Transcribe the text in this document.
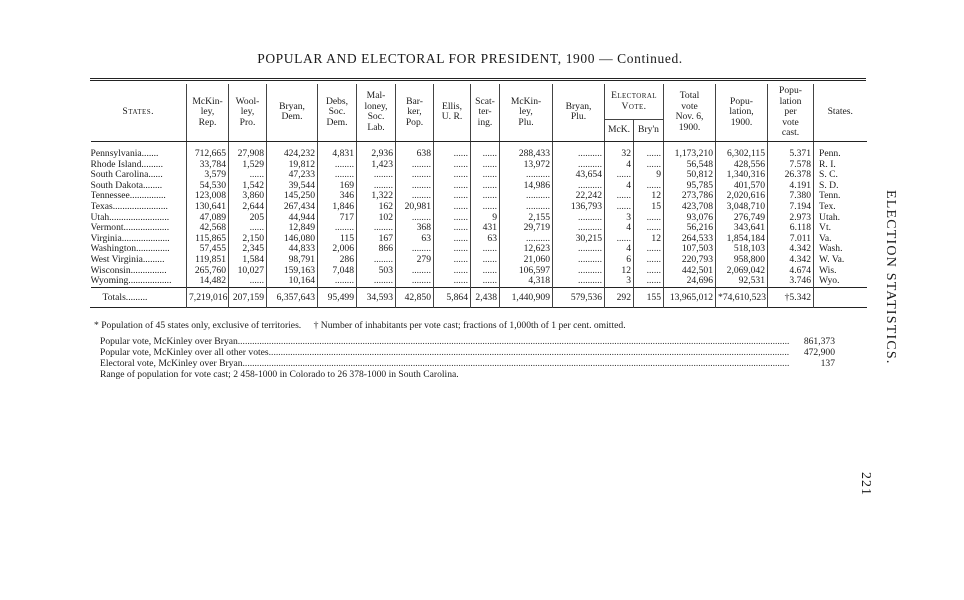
POPULAR AND ELECTORAL FOR PRESIDENT, 1900 — Continued.
States.	McKin-
ley,
Rep.	Wool-
ley,
Pro.	Bryan,
Dem.	Debs,
Soc.
Dem.	Mal-
loney,
Soc.
Lab.	Bar-
ker,
Pop.	Ellis,
U. R.	Scat-
ter-
ing.	McKin-
ley,
Plu.	Bryan,
Plu.	Electoral
Vote.		Total
vote
Nov. 6,
1900.	Popu-
lation,
1900.	Popu-
lation
per
vote
cast.	States.
											McK.	Bry'n				

Pennsylvania.......	712,665	27,908	424,232	4,831	2,936	638	......	......	288,433	..........	32	......	1,173,210	6,302,115	5.371	Penn.
Rhode Island.........	33,784	1,529	19,812	........	1,423	........	......	......	13,972	..........	4	......	56,548	428,556	7.578	R. I.
South Carolina......	3,579	......	47,233	........	........	........	......	......	..........	43,654	......	9	50,812	1,340,316	26.378	S. C.
South Dakota........	54,530	1,542	39,544	169	........	........	......	......	14,986	..........	4	......	95,785	401,570	4.191	S. D.
Tennessee...............	123,008	3,860	145,250	346	1,322	........	......	......	..........	22,242	......	12	273,786	2,020,616	7.380	Tenn.
Texas.......................	130,641	2,644	267,434	1,846	162	20,981	......	......	..........	136,793	......	15	423,708	3,048,710	7.194	Tex.
Utah.........................	47,089	205	44,944	717	102	........	......	9	2,155	..........	3	......	93,076	276,749	2.973	Utah.
Vermont...................	42,568	......	12,849	........	........	368	......	431	29,719	..........	4	......	56,216	343,641	6.118	Vt.
Virginia....................	115,865	2,150	146,080	115	167	63	......	63	..........	30,215	......	12	264,533	1,854,184	7.011	Va.
Washington..............	57,455	2,345	44,833	2,006	866	........	......	......	12,623	..........	4	......	107,503	518,103	4.342	Wash.
West Virginia.........	119,851	1,584	98,791	286	........	279	......	......	21,060	..........	6	......	220,793	958,800	4.342	W. Va.
Wisconsin...............	265,760	10,027	159,163	7,048	503	........	......	......	106,597	..........	12	......	442,501	2,069,042	4.674	Wis.
Wyoming..................	14,482	......	10,164	........	........	........	......	......	4,318	..........	3	......	24,696	92,531	3.746	Wyo.
Totals.........	7,219,016	207,159	6,357,643	95,499	34,593	42,850	5,864	2,438	1,440,909	579,536	292	155	13,965,012	*74,610,523	†5.342	

* Population of 45 states only, exclusive of territories. † Number of inhabitants per vote cast; fractions of 1,000th of 1 per cent. omitted.
Popular vote, McKinley over Bryan .....	861,373
Popular vote, McKinley over all other votes .....	472,900
Electoral vote, McKinley over Bryan .....	137
Range of population for vote cast; 2 458-1000 in Colorado to 26 378-1000 in South Carolina.
ELECTION STATISTICS.
221
